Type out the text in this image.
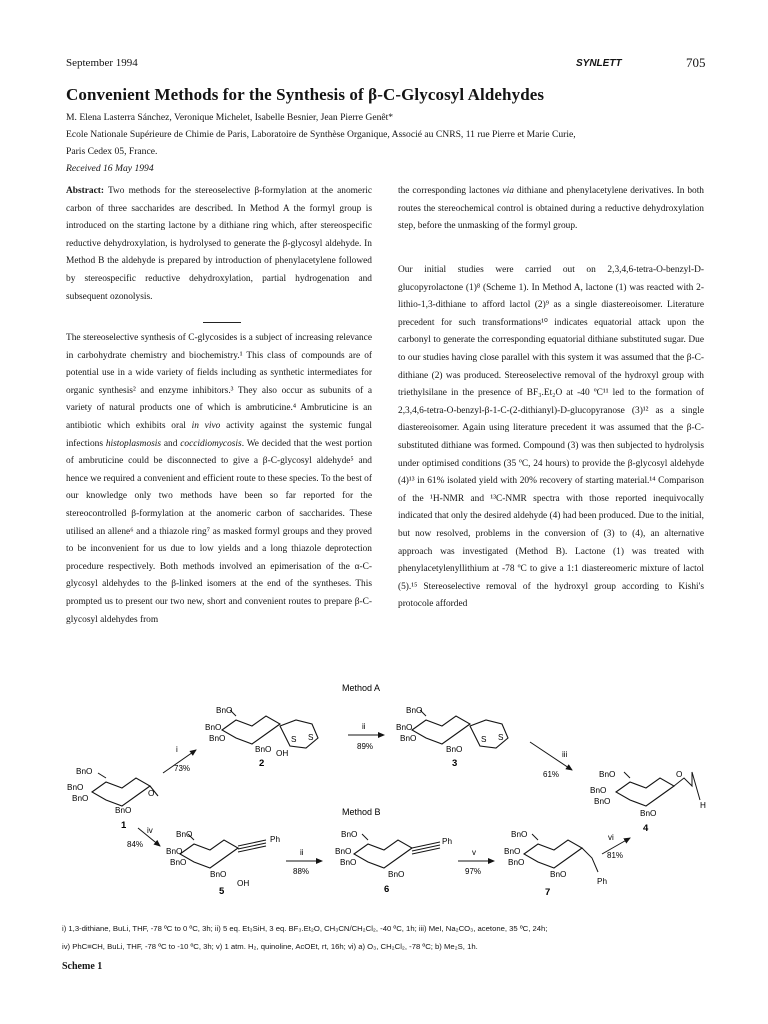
September 1994	SYNLETT	705
Convenient Methods for the Synthesis of β-C-Glycosyl Aldehydes
M. Elena Lasterra Sánchez, Veronique Michelet, Isabelle Besnier, Jean Pierre Genêt*
Ecole Nationale Supérieure de Chimie de Paris, Laboratoire de Synthèse Organique, Associé au CNRS, 11 rue Pierre et Marie Curie,
Paris Cedex 05, France.
Received 16 May 1994

Abstract: Two methods for the stereoselective β-formylation at the anomeric carbon of three saccharides are described. In Method A the formyl group is introduced on the starting lactone by a dithiane ring which, after stereospecific reductive dehydroxylation, is hydrolysed to generate the β-glycosyl aldehyde. In Method B the aldehyde is prepared by introduction of phenylacetylene followed by stereospecific reductive dehydroxylation, partial hydrogenation and subsequent ozonolysis.

The stereoselective synthesis of C-glycosides is a subject of increasing relevance in carbohydrate chemistry and biochemistry.¹ This class of compounds are of potential use in a wide variety of fields including as synthetic intermediates for organic synthesis² and enzyme inhibitors.³ They also occur as subunits of a variety of natural products one of which is ambruticine.⁴ Ambruticine is an antibiotic which exhibits oral in vivo activity against the systemic fungal infections histoplasmosis and coccidiomycosis. We decided that the west portion of ambruticine could be disconnected to give a β-C-glycosyl aldehyde⁵ and hence we required a convenient and efficient route to these species. To the best of our knowledge only two methods have been so far reported for the stereocontrolled β-formylation at the anomeric carbon of saccharides. These utilised an allene⁶ and a thiazole ring⁷ as masked formyl groups and they proved to be inconvenient for us due to low yields and a long thiazole deprotection procedure respectively. Both methods involved an epimerisation of the α-C-glycosyl aldehydes to the β-linked isomers at the end of the syntheses. This prompted us to present our two new, short and convenient routes to prepare β-C-glycosyl aldehydes from

the corresponding lactones via dithiane and phenylacetylene derivatives. In both routes the stereochemical control is obtained during a reductive dehydroxylation step, before the unmasking of the formyl group.

Our initial studies were carried out on 2,3,4,6-tetra-O-benzyl-D-glucopyrolactone (1)⁸ (Scheme 1). In Method A, lactone (1) was reacted with 2-lithio-1,3-dithiane to afford lactol (2)⁹ as a single diastereoisomer. Literature precedent for such transformations¹⁰ indicates equatorial attack upon the carbonyl to generate the corresponding equatorial dithiane substituted sugar. Due to our studies having close parallel with this system it was assumed that the β-C-dithiane (2) was produced. Stereoselective removal of the hydroxyl group with triethylsilane in the presence of BF₃.Et₂O at -40 ºC¹¹ led to the formation of 2,3,4,6-tetra-O-benzyl-β-1-C-(2-dithianyl)-D-glucopyranose (3)¹² as a single diastereoisomer. Again using literature precedent it was assumed that the β-C-substituted dithiane was formed. Compound (3) was then subjected to hydrolysis under optimised conditions (35 ºC, 24 hours) to provide the β-glycosyl aldehyde (4)¹³ in 61% isolated yield with 20% recovery of starting material.¹⁴ Comparison of the ¹H-NMR and ¹³C-NMR spectra with those reported inequivocally indicated that only the desired aldehyde (4) had been produced. Due to the initial, but now resolved, problems in the conversion of (3) to (4), an alternative approach was investigated (Method B). Lactone (1) was treated with phenylacetylenyllithium at -78 ºC to give a 1:1 diastereomeric mixture of lactol (5).¹⁵ Stereoselective removal of the hydroxyl group according to Kishi's protocole afforded

Method A
Method B
BnO
BnO
BnO
BnO
O
1
BnO
BnO
BnO
BnO OH
S S
2
BnO
BnO
BnO
BnO
S S
3
BnO
BnO
BnO
BnO
O
H
4
BnO
BnO
BnO
BnO
OH
Ph
5
BnO
BnO
BnO
BnO
Ph
6
BnO
BnO
BnO
BnO
Ph
7
i
73%
ii
89%
iii
61%
iv
84%
ii
88%
v
97%
vi
81%
i) 1,3-dithiane, BuLi, THF, -78 ºC to 0 ºC, 3h; ii) 5 eq. Et₃SiH, 3 eq. BF₃.Et₂O, CH₃CN/CH₂Cl₂, -40 ºC, 1h; iii) MeI, Na₂CO₃, acetone, 35 ºC, 24h;
iv) PhC≡CH, BuLi, THF, -78 ºC to -10 ºC, 3h; v) 1 atm. H₂, quinoline, AcOEt, rt, 16h; vi) a) O₃, CH₂Cl₂, -78 ºC; b) Me₂S, 1h.
Scheme 1
